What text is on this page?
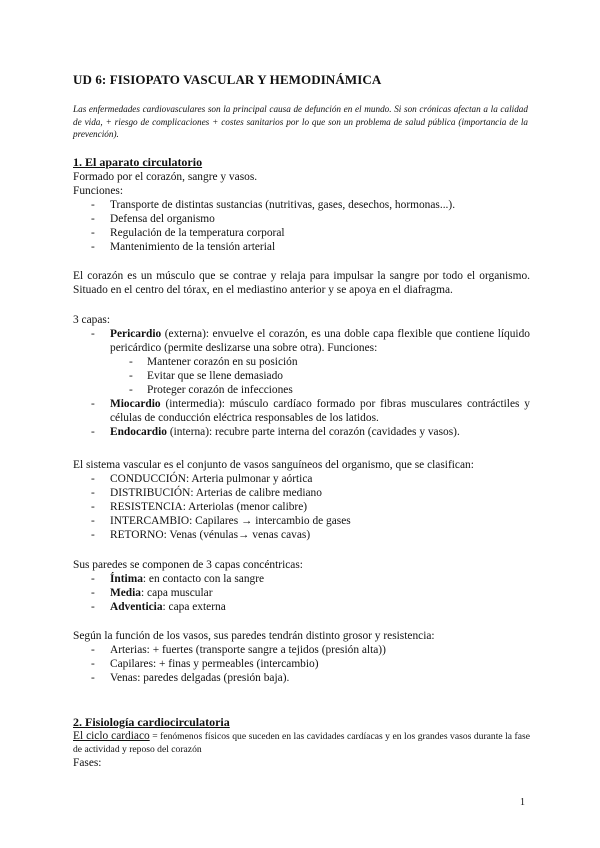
UD 6: FISIOPATO VASCULAR Y HEMODINÁMICA
Las enfermedades cardiovasculares son la principal causa de defunción en el mundo. Si son crónicas afectan a la calidad de vida, + riesgo de complicaciones + costes sanitarios por lo que son un problema de salud pública (importancia de la prevención).
1. El aparato circulatorio
Formado por el corazón, sangre y vasos.
Funciones:
- Transporte de distintas sustancias (nutritivas, gases, desechos, hormonas...).
- Defensa del organismo
- Regulación de la temperatura corporal
- Mantenimiento de la tensión arterial
El corazón es un músculo que se contrae y relaja para impulsar la sangre por todo el organismo. Situado en el centro del tórax, en el mediastino anterior y se apoya en el diafragma.
3 capas:
- Pericardio (externa): envuelve el corazón, es una doble capa flexible que contiene líquido pericárdico (permite deslizarse una sobre otra). Funciones:
- Mantener corazón en su posición
- Evitar que se llene demasiado
- Proteger corazón de infecciones
- Miocardio (intermedia): músculo cardíaco formado por fibras musculares contráctiles y células de conducción eléctrica responsables de los latidos.
- Endocardio (interna): recubre parte interna del corazón (cavidades y vasos).
El sistema vascular es el conjunto de vasos sanguíneos del organismo, que se clasifican:
- CONDUCCIÓN: Arteria pulmonar y aórtica
- DISTRIBUCIÓN: Arterias de calibre mediano
- RESISTENCIA: Arteriolas (menor calibre)
- INTERCAMBIO: Capilares → intercambio de gases
- RETORNO: Venas (vénulas→ venas cavas)
Sus paredes se componen de 3 capas concéntricas:
- Íntima: en contacto con la sangre
- Media: capa muscular
- Adventicia: capa externa
Según la función de los vasos, sus paredes tendrán distinto grosor y resistencia:
- Arterias: + fuertes (transporte sangre a tejidos (presión alta))
- Capilares: + finas y permeables (intercambio)
- Venas: paredes delgadas (presión baja).
2. Fisiología cardiocirculatoria
El ciclo cardiaco = fenómenos físicos que suceden en las cavidades cardíacas y en los grandes vasos durante la fase de actividad y reposo del corazón
Fases:
1
